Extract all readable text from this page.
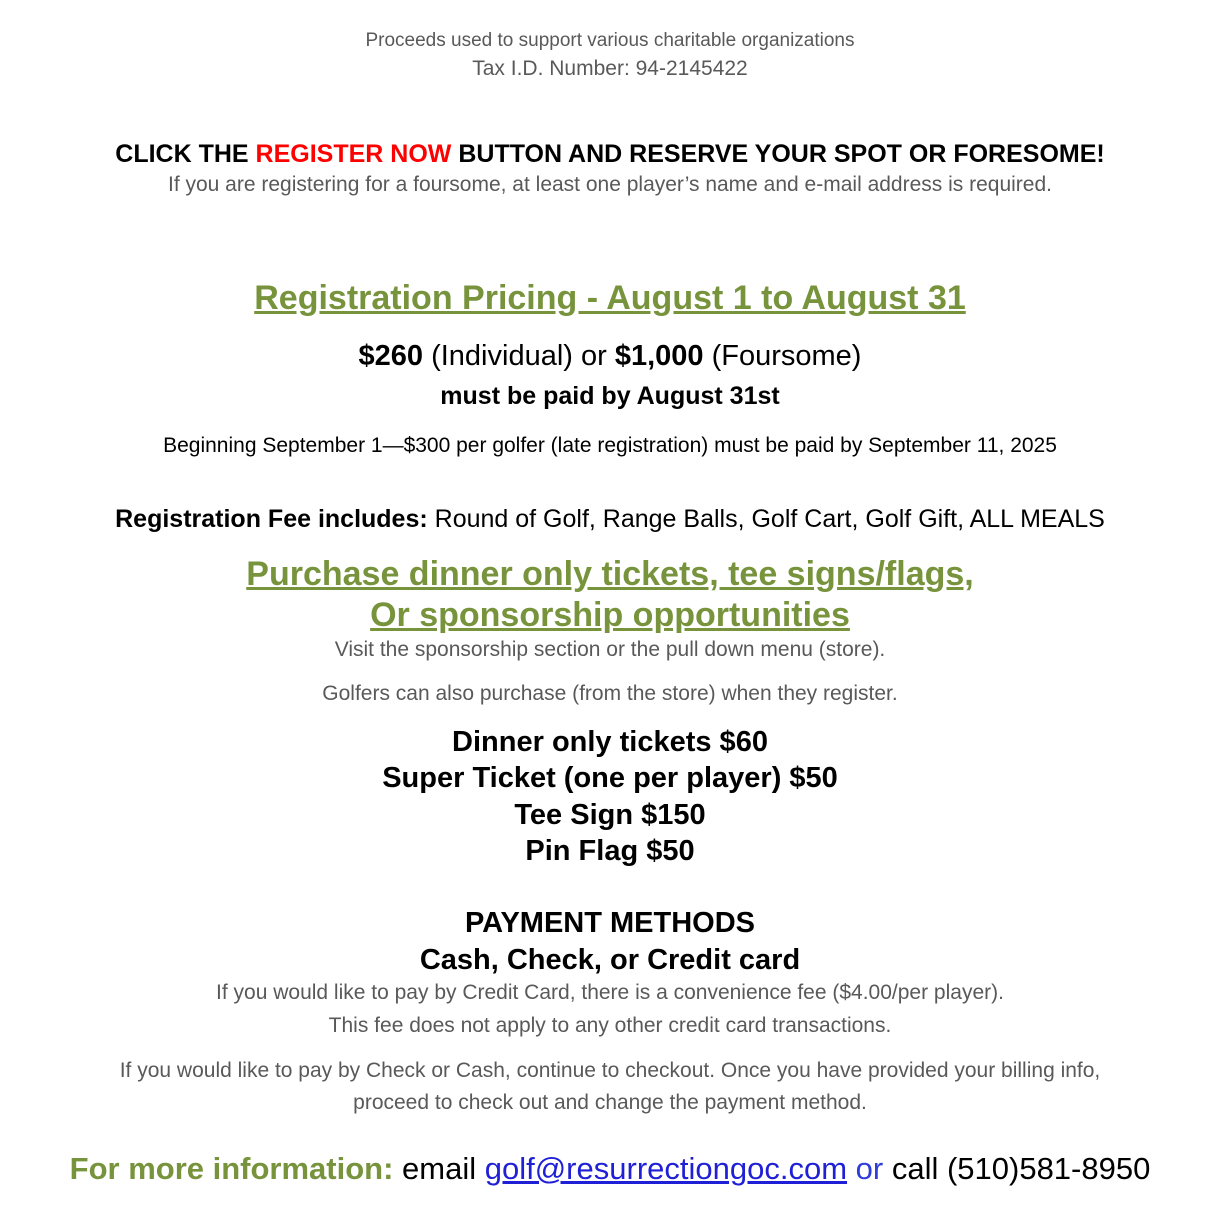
Proceeds used to support various charitable organizations
Tax I.D. Number: 94-2145422
CLICK THE REGISTER NOW BUTTON AND RESERVE YOUR SPOT OR FORESOME!
If you are registering for a foursome, at least one player’s name and e-mail address is required.
Registration Pricing - August 1 to August 31
$260 (Individual) or $1,000 (Foursome)
must be paid by August 31st
Beginning September 1—$300 per golfer (late registration) must be paid by September 11, 2025
Registration Fee includes: Round of Golf, Range Balls, Golf Cart, Golf Gift, ALL MEALS
Purchase dinner only tickets, tee signs/flags,
Or sponsorship opportunities
Visit the sponsorship section or the pull down menu (store).
Golfers can also purchase (from the store) when they register.
Dinner only tickets $60
Super Ticket (one per player) $50
Tee Sign $150
Pin Flag $50
PAYMENT METHODS
Cash, Check, or Credit card
If you would like to pay by Credit Card, there is a convenience fee ($4.00/per player).
This fee does not apply to any other credit card transactions.
If you would like to pay by Check or Cash, continue to checkout. Once you have provided your billing info,
proceed to check out and change the payment method.
For more information: email golf@resurrectiongoc.com or call (510)581-8950
